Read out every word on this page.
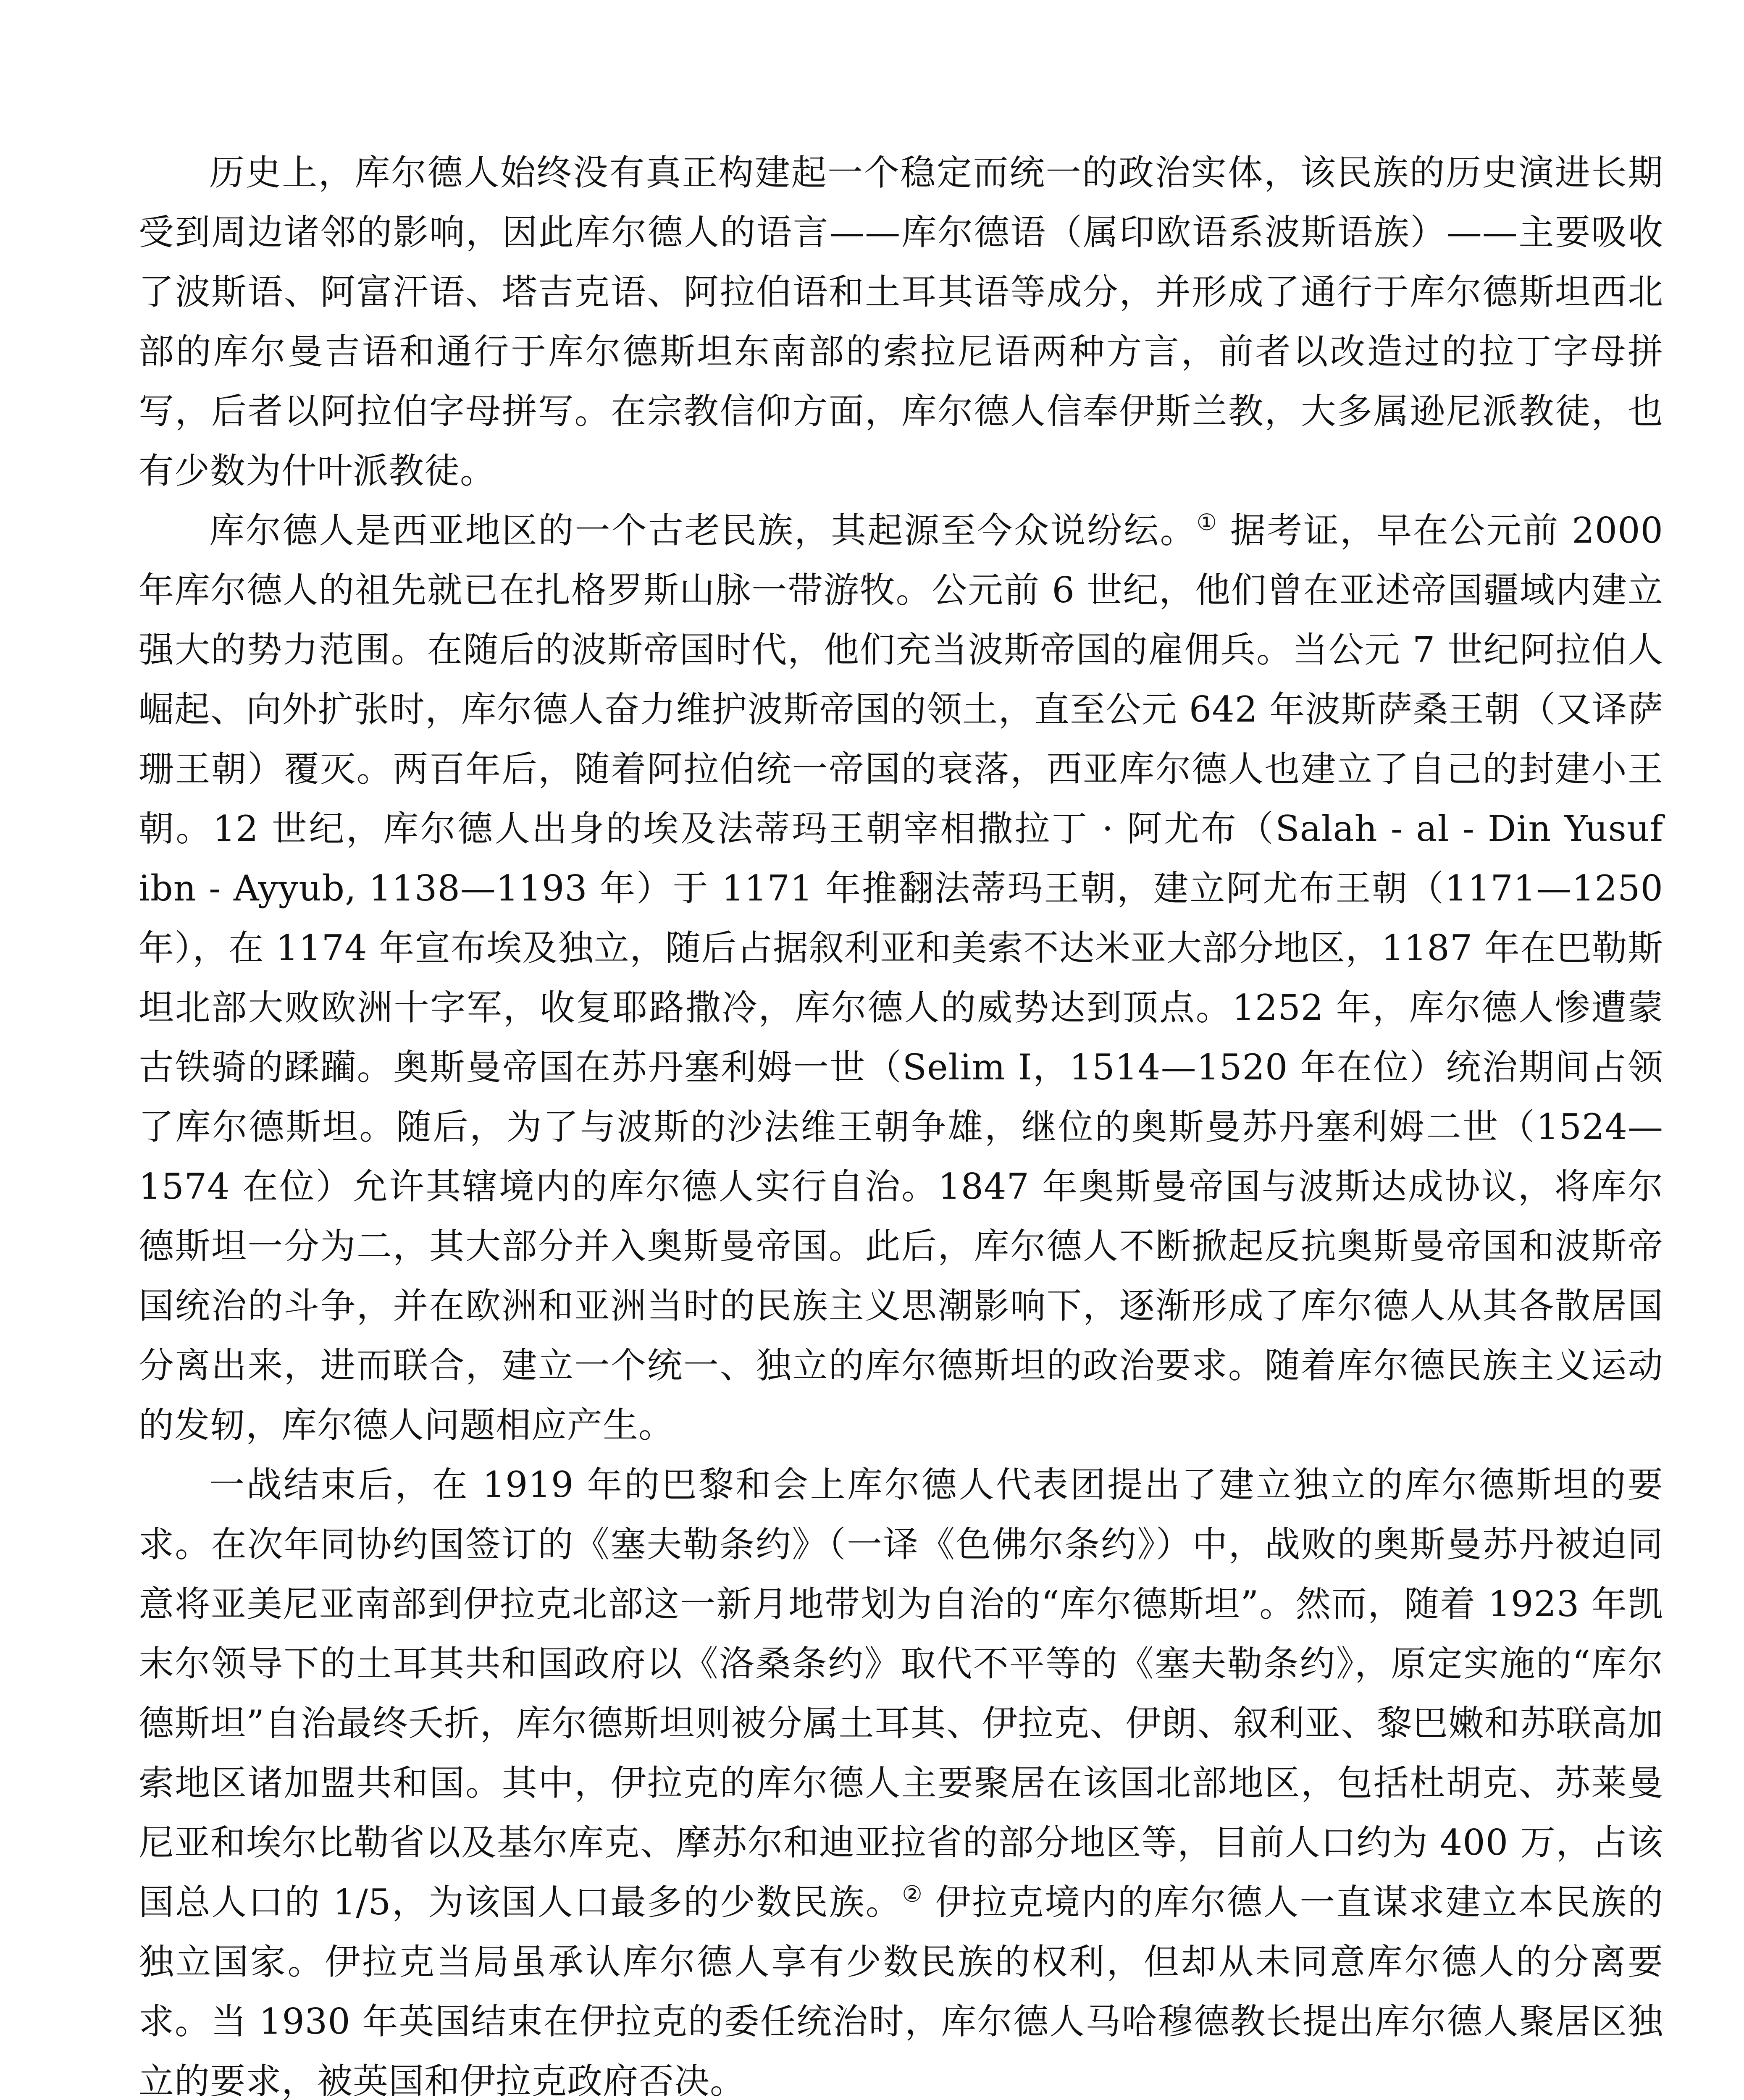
历史上，库尔德人始终没有真正构建起一个稳定而统一的政治实体，该民族的历史演进长期受到周边诸邻的影响，因此库尔德人的语言——库尔德语（属印欧语系波斯语族）——主要吸收了波斯语、阿富汗语、塔吉克语、阿拉伯语和土耳其语等成分，并形成了通行于库尔德斯坦西北部的库尔曼吉语和通行于库尔德斯坦东南部的索拉尼语两种方言，前者以改造过的拉丁字母拼写，后者以阿拉伯字母拼写。在宗教信仰方面，库尔德人信奉伊斯兰教，大多属逊尼派教徒，也有少数为什叶派教徒。

库尔德人是西亚地区的一个古老民族，其起源至今众说纷纭。① 据考证，早在公元前 2000 年库尔德人的祖先就已在扎格罗斯山脉一带游牧。公元前 6 世纪，他们曾在亚述帝国疆域内建立强大的势力范围。在随后的波斯帝国时代，他们充当波斯帝国的雇佣兵。当公元 7 世纪阿拉伯人崛起、向外扩张时，库尔德人奋力维护波斯帝国的领土，直至公元 642 年波斯萨桑王朝（又译萨珊王朝）覆灭。两百年后，随着阿拉伯统一帝国的衰落，西亚库尔德人也建立了自己的封建小王朝。12 世纪，库尔德人出身的埃及法蒂玛王朝宰相撒拉丁 · 阿尤布（Salah - al - Din Yusuf ibn - Ayyub, 1138—1193 年）于 1171 年推翻法蒂玛王朝，建立阿尤布王朝（1171—1250 年），在 1174 年宣布埃及独立，随后占据叙利亚和美索不达米亚大部分地区，1187 年在巴勒斯坦北部大败欧洲十字军，收复耶路撒冷，库尔德人的威势达到顶点。1252 年，库尔德人惨遭蒙古铁骑的蹂躏。奥斯曼帝国在苏丹塞利姆一世（Selim I，1514—1520 年在位）统治期间占领了库尔德斯坦。随后，为了与波斯的沙法维王朝争雄，继位的奥斯曼苏丹塞利姆二世（1524—1574 在位）允许其辖境内的库尔德人实行自治。1847 年奥斯曼帝国与波斯达成协议，将库尔德斯坦一分为二，其大部分并入奥斯曼帝国。此后，库尔德人不断掀起反抗奥斯曼帝国和波斯帝国统治的斗争，并在欧洲和亚洲当时的民族主义思潮影响下，逐渐形成了库尔德人从其各散居国分离出来，进而联合，建立一个统一、独立的库尔德斯坦的政治要求。随着库尔德民族主义运动的发轫，库尔德人问题相应产生。

一战结束后，在 1919 年的巴黎和会上库尔德人代表团提出了建立独立的库尔德斯坦的要求。在次年同协约国签订的《塞夫勒条约》（一译《色佛尔条约》）中，战败的奥斯曼苏丹被迫同意将亚美尼亚南部到伊拉克北部这一新月地带划为自治的“库尔德斯坦”。然而，随着 1923 年凯末尔领导下的土耳其共和国政府以《洛桑条约》取代不平等的《塞夫勒条约》，原定实施的“库尔德斯坦”自治最终夭折，库尔德斯坦则被分属土耳其、伊拉克、伊朗、叙利亚、黎巴嫩和苏联高加索地区诸加盟共和国。其中，伊拉克的库尔德人主要聚居在该国北部地区，包括杜胡克、苏莱曼尼亚和埃尔比勒省以及基尔库克、摩苏尔和迪亚拉省的部分地区等，目前人口约为 400 万，占该国总人口的 1/5，为该国人口最多的少数民族。② 伊拉克境内的库尔德人一直谋求建立本民族的独立国家。伊拉克当局虽承认库尔德人享有少数民族的权利，但却从未同意库尔德人的分离要求。当 1930 年英国结束在伊拉克的委任统治时，库尔德人马哈穆德教长提出库尔德人聚居区独立的要求，被英国和伊拉克政府否决。
